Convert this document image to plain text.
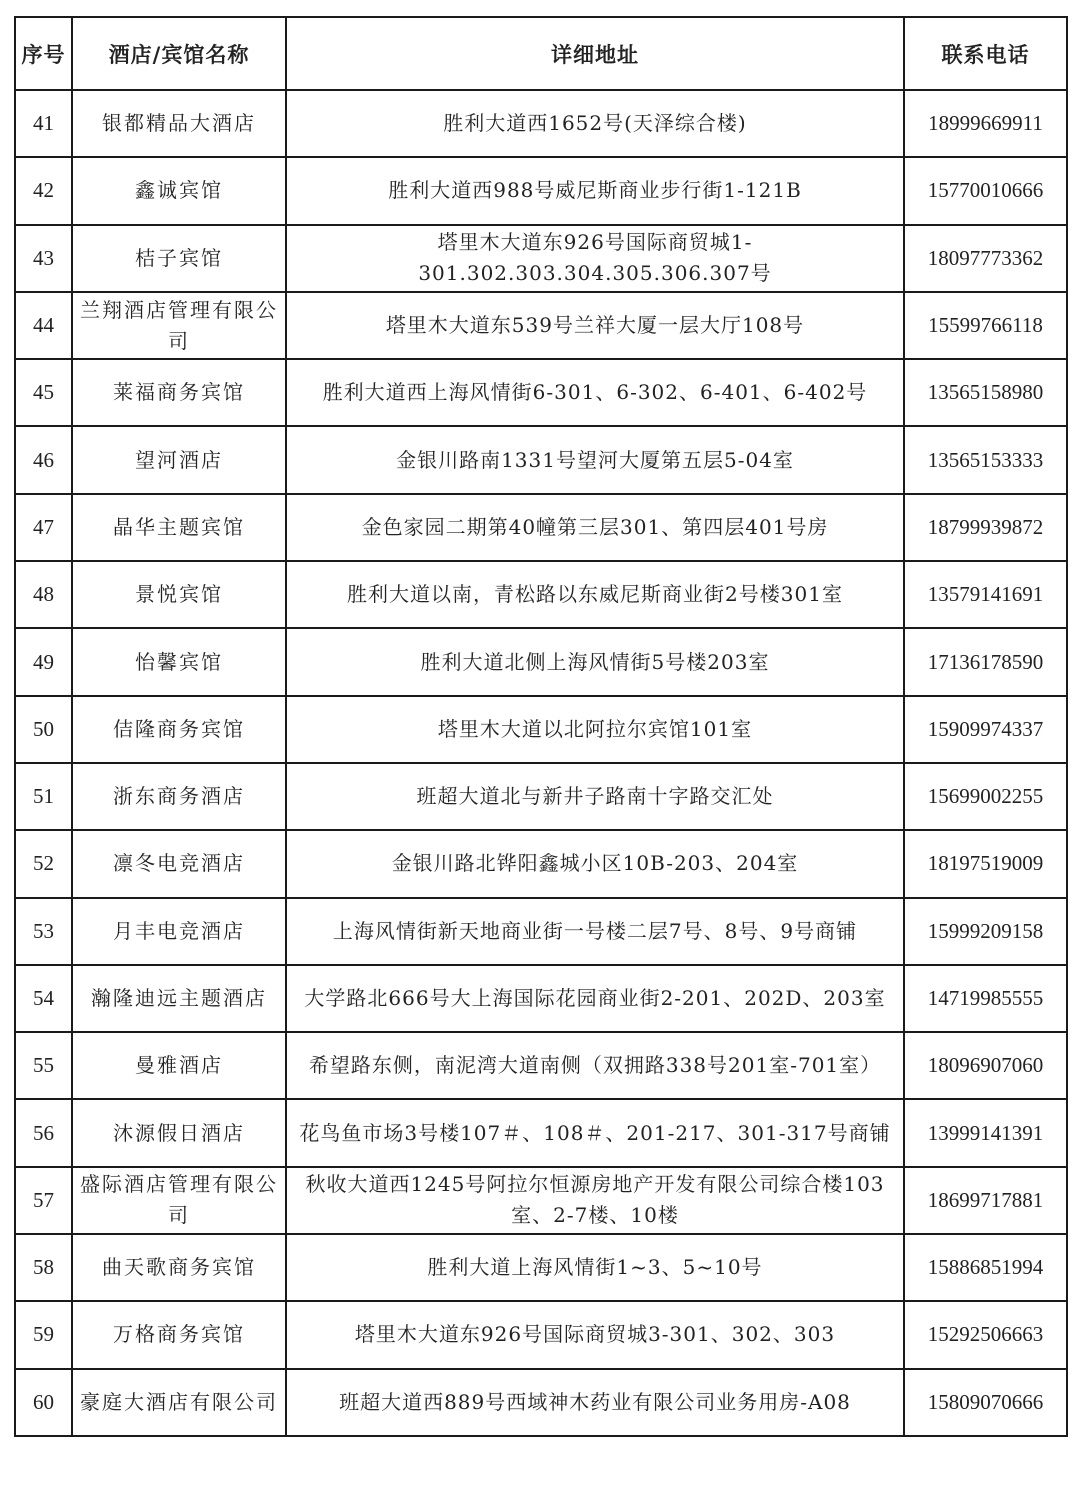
序号	酒店/宾馆名称	详细地址	联系电话
41	银都精品大酒店	胜利大道西1652号(天泽综合楼)	18999669911
42	鑫诚宾馆	胜利大道西988号威尼斯商业步行街1-121B	15770010666
43	桔子宾馆	塔里木大道东926号国际商贸城1-301.302.303.304.305.306.307号	18097773362
44	兰翔酒店管理有限公司	塔里木大道东539号兰祥大厦一层大厅108号	15599766118
45	莱福商务宾馆	胜利大道西上海风情街6-301、6-302、6-401、6-402号	13565158980
46	望河酒店	金银川路南1331号望河大厦第五层5-04室	13565153333
47	晶华主题宾馆	金色家园二期第40幢第三层301、第四层401号房	18799939872
48	景悦宾馆	胜利大道以南，青松路以东威尼斯商业街2号楼301室	13579141691
49	怡馨宾馆	胜利大道北侧上海风情街5号楼203室	17136178590
50	佶隆商务宾馆	塔里木大道以北阿拉尔宾馆101室	15909974337
51	浙东商务酒店	班超大道北与新井子路南十字路交汇处	15699002255
52	凛冬电竞酒店	金银川路北铧阳鑫城小区10B-203、204室	18197519009
53	月丰电竞酒店	上海风情街新天地商业街一号楼二层7号、8号、9号商铺	15999209158
54	瀚隆迪远主题酒店	大学路北666号大上海国际花园商业街2-201、202D、203室	14719985555
55	曼雅酒店	希望路东侧，南泥湾大道南侧（双拥路338号201室-701室）	18096907060
56	沐源假日酒店	花鸟鱼市场3号楼107＃、108＃、201-217、301-317号商铺	13999141391
57	盛际酒店管理有限公司	秋收大道西1245号阿拉尔恒源房地产开发有限公司综合楼103室、2-7楼、10楼	18699717881
58	曲天歌商务宾馆	胜利大道上海风情街1~3、5~10号	15886851994
59	万格商务宾馆	塔里木大道东926号国际商贸城3-301、302、303	15292506663
60	豪庭大酒店有限公司	班超大道西889号西域神木药业有限公司业务用房-A08	15809070666
